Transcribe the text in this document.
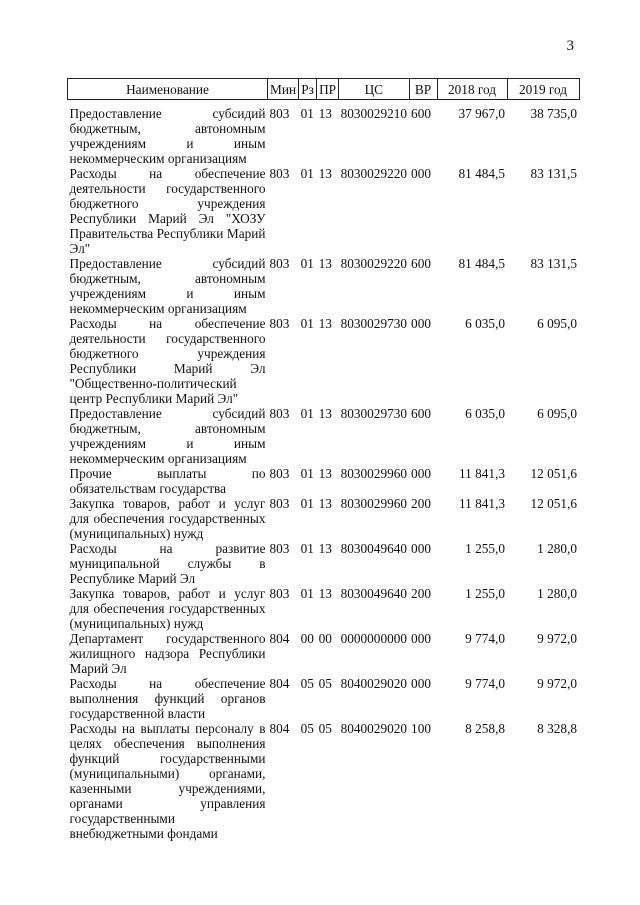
3
Наименование	Мин	Рз	ПР	ЦС	ВР	2018 год	2019 год
Предоставление субсидий бюджетным, автономным учреждениям и иным некоммерческим организациям	803	01	13	8030029210	600	37 967,0	38 735,0
Расходы на обеспечение деятельности государственного бюджетного учреждения Республики Марий Эл "ХОЗУ Правительства Республики Марий Эл"	803	01	13	8030029220	000	81 484,5	83 131,5
Предоставление субсидий бюджетным, автономным учреждениям и иным некоммерческим организациям	803	01	13	8030029220	600	81 484,5	83 131,5
Расходы на обеспечение деятельности государственного бюджетного учреждения Республики Марий Эл "Общественно-политический центр Республики Марий Эл"	803	01	13	8030029730	000	6 035,0	6 095,0
Предоставление субсидий бюджетным, автономным учреждениям и иным некоммерческим организациям	803	01	13	8030029730	600	6 035,0	6 095,0
Прочие выплаты по обязательствам государства	803	01	13	8030029960	000	11 841,3	12 051,6
Закупка товаров, работ и услуг для обеспечения государственных (муниципальных) нужд	803	01	13	8030029960	200	11 841,3	12 051,6
Расходы на развитие муниципальной службы в Республике Марий Эл	803	01	13	8030049640	000	1 255,0	1 280,0
Закупка товаров, работ и услуг для обеспечения государственных (муниципальных) нужд	803	01	13	8030049640	200	1 255,0	1 280,0
Департамент государственного жилищного надзора Республики Марий Эл	804	00	00	0000000000	000	9 774,0	9 972,0
Расходы на обеспечение выполнения функций органов государственной власти	804	05	05	8040029020	000	9 774,0	9 972,0
Расходы на выплаты персоналу в целях обеспечения выполнения функций государственными (муниципальными) органами, казенными учреждениями, органами управления государственными внебюджетными фондами	804	05	05	8040029020	100	8 258,8	8 328,8
